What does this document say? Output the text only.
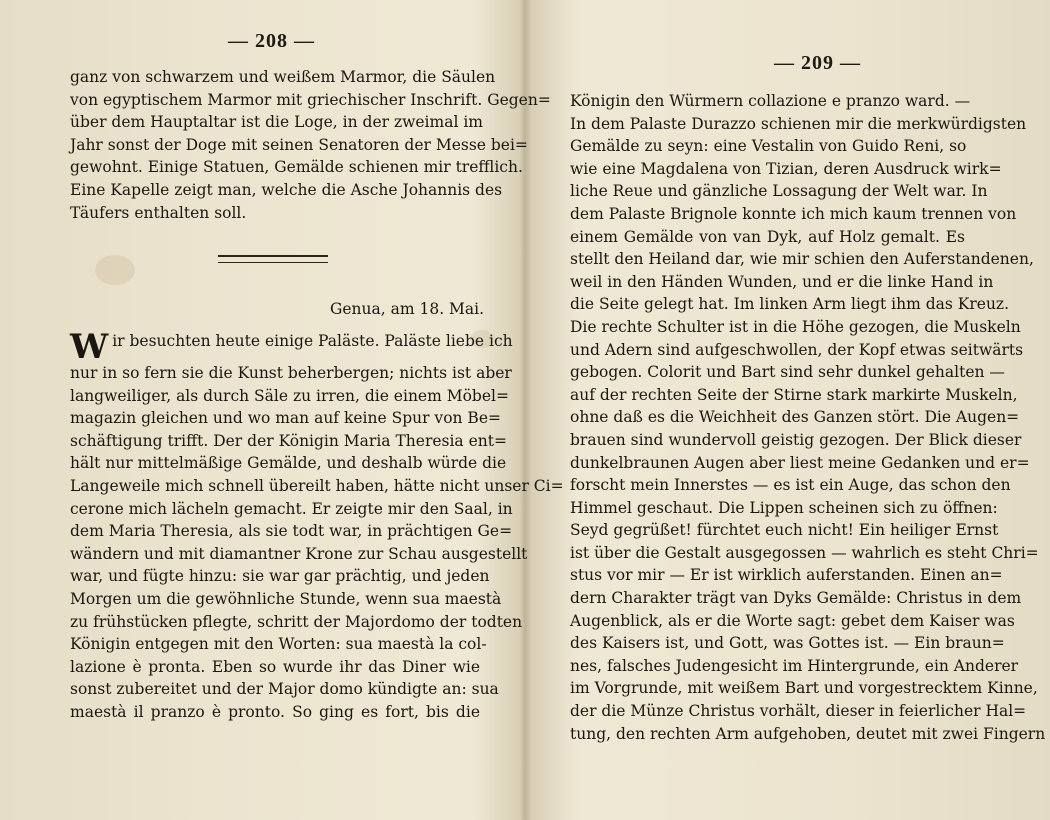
— 208 —
ganz von schwarzem und weißem Marmor, die Säulen
von egyptischem Marmor mit griechischer Inschrift. Gegen=
über dem Hauptaltar ist die Loge, in der zweimal im
Jahr sonst der Doge mit seinen Senatoren der Messe bei=
gewohnt. Einige Statuen, Gemälde schienen mir trefflich.
Eine Kapelle zeigt man, welche die Asche Johannis des
Täufers enthalten soll.
Genua, am 18. Mai.
Wir besuchten heute einige Paläste. Paläste liebe ich
nur in so fern sie die Kunst beherbergen; nichts ist aber
langweiliger, als durch Säle zu irren, die einem Möbel=
magazin gleichen und wo man auf keine Spur von Be=
schäftigung trifft. Der der Königin Maria Theresia ent=
hält nur mittelmäßige Gemälde, und deshalb würde die
Langeweile mich schnell übereilt haben, hätte nicht unser Ci=
cerone mich lächeln gemacht. Er zeigte mir den Saal, in
dem Maria Theresia, als sie todt war, in prächtigen Ge=
wändern und mit diamantner Krone zur Schau ausgestellt
war, und fügte hinzu: sie war gar prächtig, und jeden
Morgen um die gewöhnliche Stunde, wenn sua maestà
zu frühstücken pflegte, schritt der Majordomo der todten
Königin entgegen mit den Worten: sua maestà la col-
lazione è pronta. Eben so wurde ihr das Diner wie
sonst zubereitet und der Major domo kündigte an: sua
maestà il pranzo è pronto. So ging es fort, bis die
— 209 —
Königin den Würmern collazione e pranzo ward. —
In dem Palaste Durazzo schienen mir die merkwürdigsten
Gemälde zu seyn: eine Vestalin von Guido Reni, so
wie eine Magdalena von Tizian, deren Ausdruck wirk=
liche Reue und gänzliche Lossagung der Welt war. In
dem Palaste Brignole konnte ich mich kaum trennen von
einem Gemälde von van Dyk, auf Holz gemalt. Es
stellt den Heiland dar, wie mir schien den Auferstandenen,
weil in den Händen Wunden, und er die linke Hand in
die Seite gelegt hat. Im linken Arm liegt ihm das Kreuz.
Die rechte Schulter ist in die Höhe gezogen, die Muskeln
und Adern sind aufgeschwollen, der Kopf etwas seitwärts
gebogen. Colorit und Bart sind sehr dunkel gehalten —
auf der rechten Seite der Stirne stark markirte Muskeln,
ohne daß es die Weichheit des Ganzen stört. Die Augen=
brauen sind wundervoll geistig gezogen. Der Blick dieser
dunkelbraunen Augen aber liest meine Gedanken und er=
forscht mein Innerstes — es ist ein Auge, das schon den
Himmel geschaut. Die Lippen scheinen sich zu öffnen:
Seyd gegrüßet! fürchtet euch nicht! Ein heiliger Ernst
ist über die Gestalt ausgegossen — wahrlich es steht Chri=
stus vor mir — Er ist wirklich auferstanden. Einen an=
dern Charakter trägt van Dyks Gemälde: Christus in dem
Augenblick, als er die Worte sagt: gebet dem Kaiser was
des Kaisers ist, und Gott, was Gottes ist. — Ein braun=
nes, falsches Judengesicht im Hintergrunde, ein Anderer
im Vorgrunde, mit weißem Bart und vorgestrecktem Kinne,
der die Münze Christus vorhält, dieser in feierlicher Hal=
tung, den rechten Arm aufgehoben, deutet mit zwei Fingern
